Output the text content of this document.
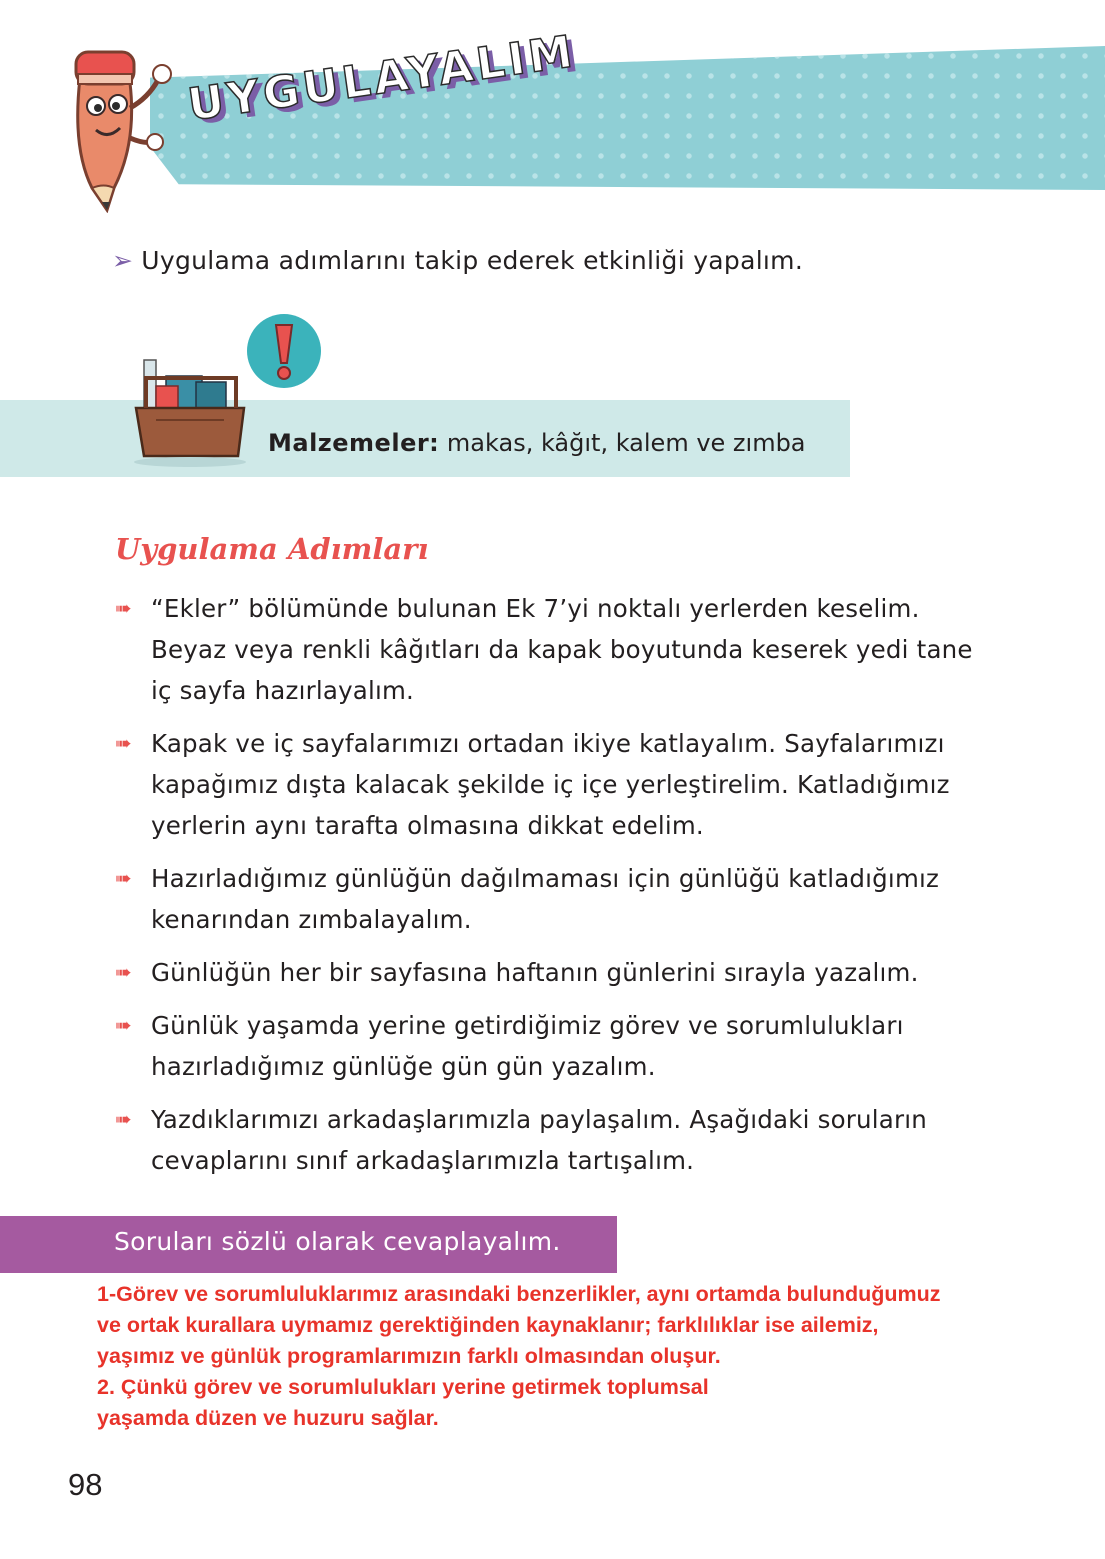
UYGULAYALIM

➢ Uygulama adımlarını takip ederek etkinliği yapalım.

Malzemeler: makas, kâğıt, kalem ve zımba

Uygulama Adımları
➠ “Ekler” bölümünde bulunan Ek 7’yi noktalı yerlerden keselim.
Beyaz veya renkli kâğıtları da kapak boyutunda keserek yedi tane
iç sayfa hazırlayalım.
➠ Kapak ve iç sayfalarımızı ortadan ikiye katlayalım. Sayfalarımızı
kapağımız dışta kalacak şekilde iç içe yerleştirelim. Katladığımız
yerlerin aynı tarafta olmasına dikkat edelim.
➠ Hazırladığımız günlüğün dağılmaması için günlüğü katladığımız
kenarından zımbalayalım.
➠ Günlüğün her bir sayfasına haftanın günlerini sırayla yazalım.
➠ Günlük yaşamda yerine getirdiğimiz görev ve sorumlulukları
hazırladığımız günlüğe gün gün yazalım.
➠ Yazdıklarımızı arkadaşlarımızla paylaşalım. Aşağıdaki soruların
cevaplarını sınıf arkadaşlarımızla tartışalım.

Soruları sözlü olarak cevaplayalım.

1-Görev ve sorumluluklarımız arasındaki benzerlikler, aynı ortamda bulunduğumuz

ve ortak kurallara uymamız gerektiğinden kaynaklanır; farklılıklar ise ailemiz,

yaşımız ve günlük programlarımızın farklı olmasından oluşur.

2. Çünkü görev ve sorumlulukları yerine getirmek toplumsal

yaşamda düzen ve huzuru sağlar.

98
